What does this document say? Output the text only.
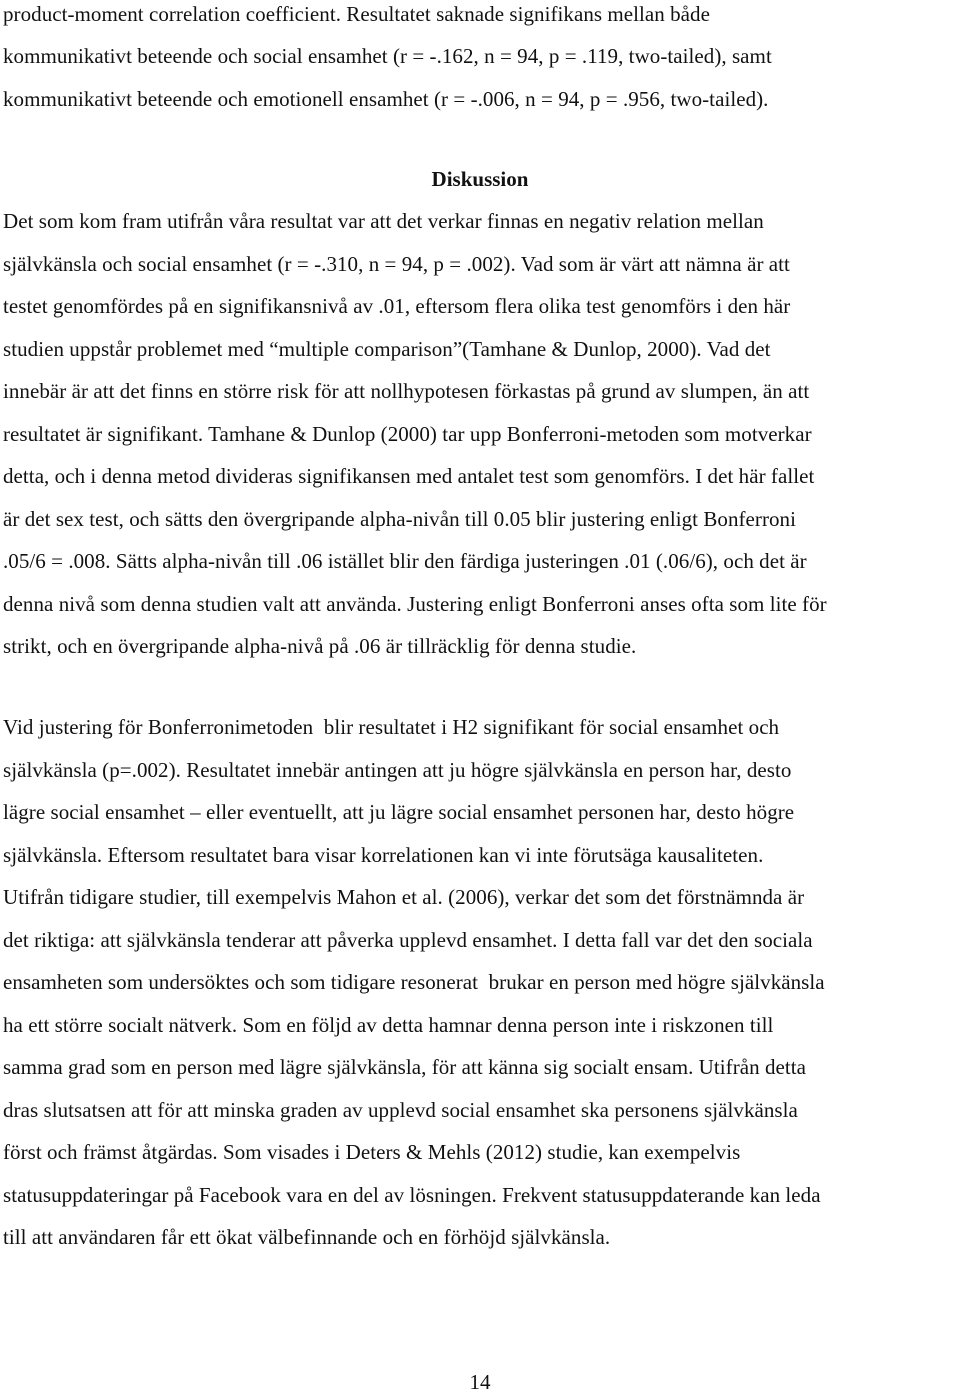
product-moment correlation coefficient. Resultatet saknade signifikans mellan både
kommunikativt beteende och social ensamhet (r = -.162, n = 94, p = .119, two-tailed), samt
kommunikativt beteende och emotionell ensamhet (r = -.006, n = 94, p = .956, two-tailed).
Diskussion
Det som kom fram utifrån våra resultat var att det verkar finnas en negativ relation mellan
självkänsla och social ensamhet (r = -.310, n = 94, p = .002). Vad som är värt att nämna är att
testet genomfördes på en signifikansnivå av .01, eftersom flera olika test genomförs i den här
studien uppstår problemet med “multiple comparison”(Tamhane & Dunlop, 2000). Vad det
innebär är att det finns en större risk för att nollhypotesen förkastas på grund av slumpen, än att
resultatet är signifikant. Tamhane & Dunlop (2000) tar upp Bonferroni-metoden som motverkar
detta, och i denna metod divideras signifikansen med antalet test som genomförs. I det här fallet
är det sex test, och sätts den övergripande alpha-nivån till 0.05 blir justering enligt Bonferroni
.05/6 = .008. Sätts alpha-nivån till .06 istället blir den färdiga justeringen .01 (.06/6), och det är
denna nivå som denna studien valt att använda. Justering enligt Bonferroni anses ofta som lite för
strikt, och en övergripande alpha-nivå på .06 är tillräcklig för denna studie.
Vid justering för Bonferronimetoden  blir resultatet i H2 signifikant för social ensamhet och
självkänsla (p=.002). Resultatet innebär antingen att ju högre självkänsla en person har, desto
lägre social ensamhet – eller eventuellt, att ju lägre social ensamhet personen har, desto högre
självkänsla. Eftersom resultatet bara visar korrelationen kan vi inte förutsäga kausaliteten.
Utifrån tidigare studier, till exempelvis Mahon et al. (2006), verkar det som det förstnämnda är
det riktiga: att självkänsla tenderar att påverka upplevd ensamhet. I detta fall var det den sociala
ensamheten som undersöktes och som tidigare resonerat  brukar en person med högre självkänsla
ha ett större socialt nätverk. Som en följd av detta hamnar denna person inte i riskzonen till
samma grad som en person med lägre självkänsla, för att känna sig socialt ensam. Utifrån detta
dras slutsatsen att för att minska graden av upplevd social ensamhet ska personens självkänsla
först och främst åtgärdas. Som visades i Deters & Mehls (2012) studie, kan exempelvis
statusuppdateringar på Facebook vara en del av lösningen. Frekvent statusuppdaterande kan leda
till att användaren får ett ökat välbefinnande och en förhöjd självkänsla.
14
